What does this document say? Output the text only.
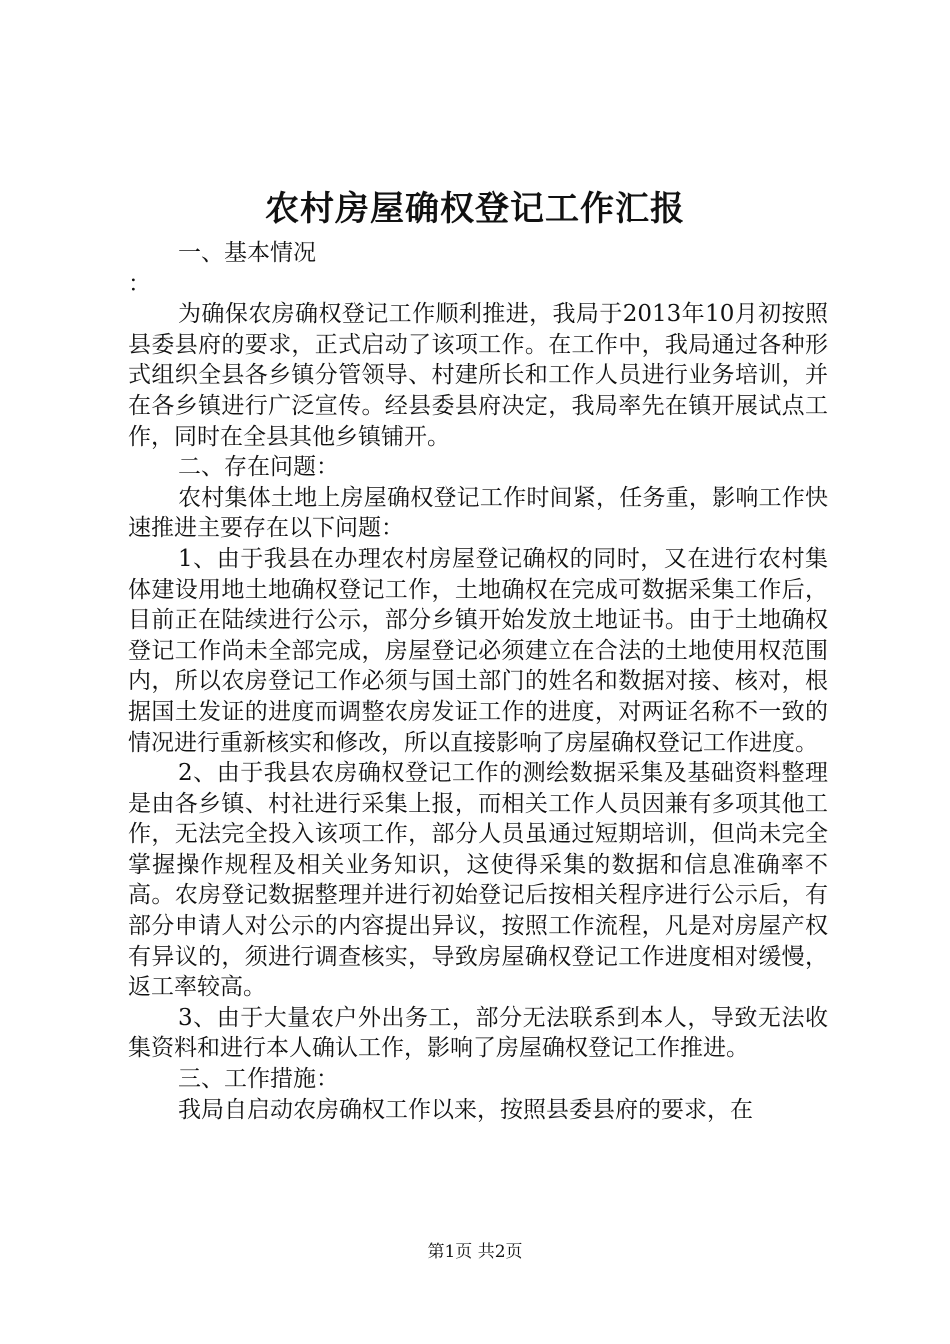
农村房屋确权登记工作汇报

一、基本情况

：

为确保农房确权登记工作顺利推进，我局于2013年10月初按照县委县府的要求，正式启动了该项工作。在工作中，我局通过各种形式组织全县各乡镇分管领导、村建所长和工作人员进行业务培训，并在各乡镇进行广泛宣传。经县委县府决定，我局率先在镇开展试点工作，同时在全县其他乡镇铺开。

二、存在问题：

农村集体土地上房屋确权登记工作时间紧，任务重，影响工作快速推进主要存在以下问题：

1、由于我县在办理农村房屋登记确权的同时，又在进行农村集体建设用地土地确权登记工作，土地确权在完成可数据采集工作后，目前正在陆续进行公示，部分乡镇开始发放土地证书。由于土地确权登记工作尚未全部完成，房屋登记必须建立在合法的土地使用权范围内，所以农房登记工作必须与国土部门的姓名和数据对接、核对，根据国土发证的进度而调整农房发证工作的进度，对两证名称不一致的情况进行重新核实和修改，所以直接影响了房屋确权登记工作进度。

2、由于我县农房确权登记工作的测绘数据采集及基础资料整理是由各乡镇、村社进行采集上报，而相关工作人员因兼有多项其他工作，无法完全投入该项工作，部分人员虽通过短期培训，但尚未完全掌握操作规程及相关业务知识，这使得采集的数据和信息准确率不高。农房登记数据整理并进行初始登记后按相关程序进行公示后，有部分申请人对公示的内容提出异议，按照工作流程，凡是对房屋产权有异议的，须进行调查核实，导致房屋确权登记工作进度相对缓慢，返工率较高。

3、由于大量农户外出务工，部分无法联系到本人，导致无法收集资料和进行本人确认工作，影响了房屋确权登记工作推进。

三、工作措施：

我局自启动农房确权工作以来，按照县委县府的要求，在

第1页 共2页
